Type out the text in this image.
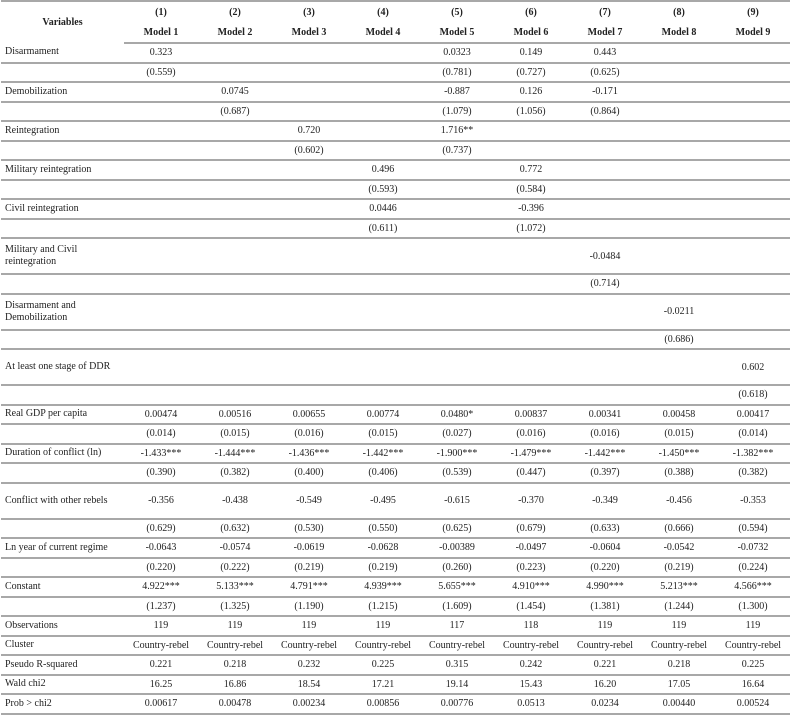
Variables	(1)	(2)	(3)	(4)	(5)	(6)	(7)	(8)	(9)
	Model 1	Model 2	Model 3	Model 4	Model 5	Model 6	Model 7	Model 8	Model 9
Disarmament	0.323				0.0323	0.149	0.443		
	(0.559)				(0.781)	(0.727)	(0.625)		
Demobilization		0.0745			-0.887	0.126	-0.171		
		(0.687)			(1.079)	(1.056)	(0.864)		
Reintegration			0.720		1.716**				
			(0.602)		(0.737)				
Military reintegration				0.496		0.772			
				(0.593)		(0.584)			
Civil reintegration				0.0446		-0.396			
				(0.611)		(1.072)			
Military and Civil reintegration							-0.0484		
							(0.714)		
Disarmament and Demobilization								-0.0211	
								(0.686)	
At least one stage of DDR									0.602
									(0.618)
Real GDP per capita	0.00474	0.00516	0.00655	0.00774	0.0480*	0.00837	0.00341	0.00458	0.00417
	(0.014)	(0.015)	(0.016)	(0.015)	(0.027)	(0.016)	(0.016)	(0.015)	(0.014)
Duration of conflict (ln)	-1.433***	-1.444***	-1.436***	-1.442***	-1.900***	-1.479***	-1.442***	-1.450***	-1.382***
	(0.390)	(0.382)	(0.400)	(0.406)	(0.539)	(0.447)	(0.397)	(0.388)	(0.382)
Conflict with other rebels	-0.356	-0.438	-0.549	-0.495	-0.615	-0.370	-0.349	-0.456	-0.353
	(0.629)	(0.632)	(0.530)	(0.550)	(0.625)	(0.679)	(0.633)	(0.666)	(0.594)
Ln year of current regime	-0.0643	-0.0574	-0.0619	-0.0628	-0.00389	-0.0497	-0.0604	-0.0542	-0.0732
	(0.220)	(0.222)	(0.219)	(0.219)	(0.260)	(0.223)	(0.220)	(0.219)	(0.224)
Constant	4.922***	5.133***	4.791***	4.939***	5.655***	4.910***	4.990***	5.213***	4.566***
	(1.237)	(1.325)	(1.190)	(1.215)	(1.609)	(1.454)	(1.381)	(1.244)	(1.300)
Observations	119	119	119	119	117	118	119	119	119
Cluster	Country-rebel	Country-rebel	Country-rebel	Country-rebel	Country-rebel	Country-rebel	Country-rebel	Country-rebel	Country-rebel
Pseudo R-squared	0.221	0.218	0.232	0.225	0.315	0.242	0.221	0.218	0.225
Wald chi2	16.25	16.86	18.54	17.21	19.14	15.43	16.20	17.05	16.64
Prob > chi2	0.00617	0.00478	0.00234	0.00856	0.00776	0.0513	0.0234	0.00440	0.00524
